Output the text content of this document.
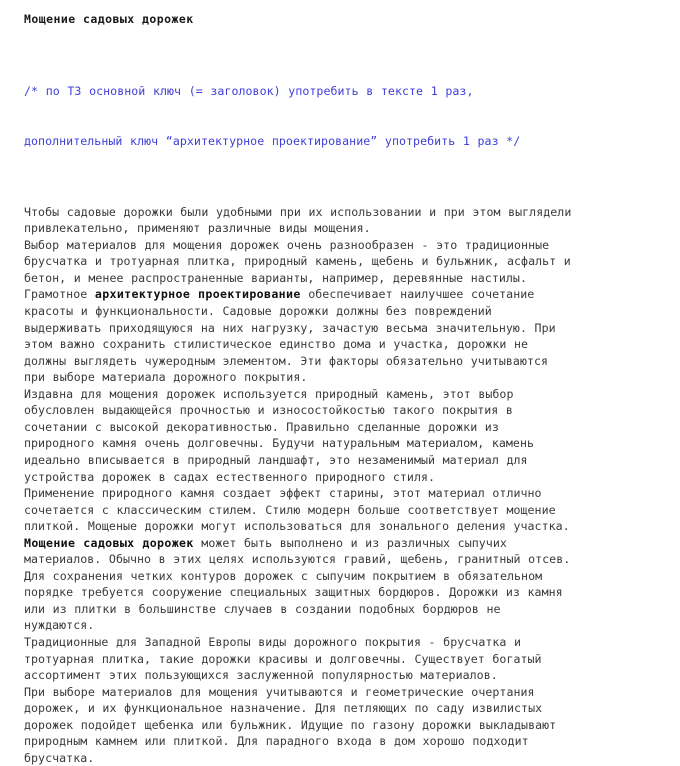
Мощение садовых дорожек

/* по ТЗ основной ключ (= заголовок) употребить в тексте 1 раз,

дополнительный ключ “архитектурное проектирование” употребить 1 раз */

Чтобы садовые дорожки были удобными при их использовании и при этом выглядели
привлекательно, применяют различные виды мощения.
Выбор материалов для мощения дорожек очень разнообразен - это традиционные
брусчатка и тротуарная плитка, природный камень, щебень и бульжник, асфальт и
бетон, и менее распространенные варианты, например, деревянные настилы.
Грамотное архитектурное проектирование обеспечивает наилучшее сочетание
красоты и функциональности. Садовые дорожки должны без повреждений
выдерживать приходящуюся на них нагрузку, зачастую весьма значительную. При
этом важно сохранить стилистическое единство дома и участка, дорожки не
должны выглядеть чужеродным элементом. Эти факторы обязательно учитываются
при выборе материала дорожного покрытия.
Издавна для мощения дорожек используется природный камень, этот выбор
обусловлен выдающейся прочностью и износостойкостью такого покрытия в
сочетании с высокой декоративностью. Правильно сделанные дорожки из
природного камня очень долговечны. Будучи натуральным материалом, камень
идеально вписывается в природный ландшафт, это незаменимый материал для
устройства дорожек в садах естественного природного стиля.
Применение природного камня создает эффект старины, этот материал отлично
сочетается с классическим стилем. Стилю модерн больше соответствует мощение
плиткой. Мощеные дорожки могут использоваться для зонального деления участка.
Мощение садовых дорожек может быть выполнено и из различных сыпучих
материалов. Обычно в этих целях используются гравий, щебень, гранитный отсев.
Для сохранения четких контуров дорожек с сыпучим покрытием в обязательном
порядке требуется сооружение специальных защитных бордюров. Дорожки из камня
или из плитки в большинстве случаев в создании подобных бордюров не
нуждаются.
Традиционные для Западной Европы виды дорожного покрытия - брусчатка и
тротуарная плитка, такие дорожки красивы и долговечны. Существует богатый
ассортимент этих пользующихся заслуженной популярностью материалов.
При выборе материалов для мощения учитываются и геометрические очертания
дорожек, и их функциональное назначение. Для петляющих по саду извилистых
дорожек подойдет щебенка или бульжник. Идущие по газону дорожки выкладывают
природным камнем или плиткой. Для парадного входа в дом хорошо подходит
брусчатка.
